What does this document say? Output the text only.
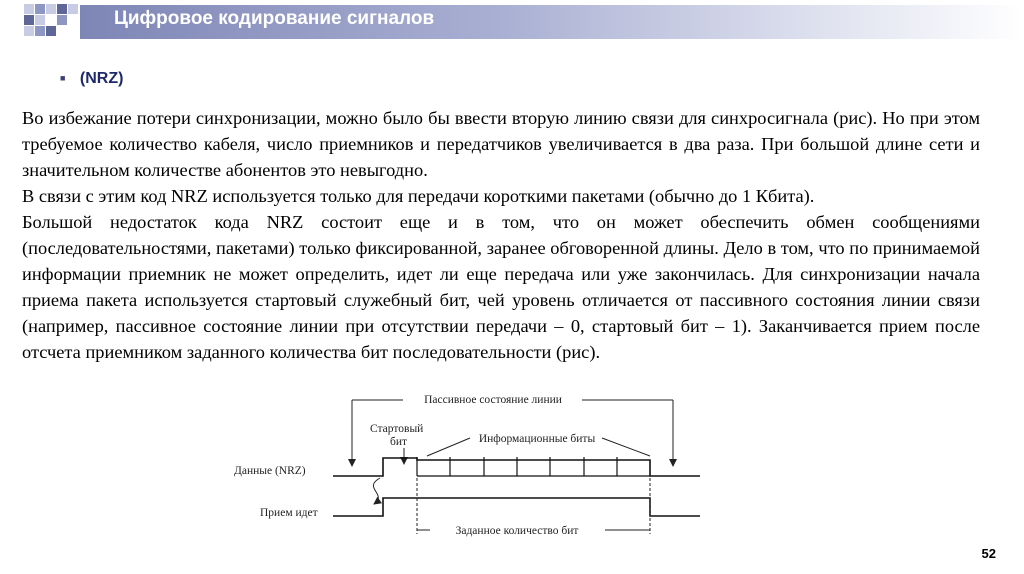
Цифровое кодирование сигналов
■ (NRZ)

Во избежание потери синхронизации, можно было бы ввести вторую линию связи для синхросигнала (рис). Но при этом требуемое количество кабеля, число приемников и передатчиков увеличивается в два раза. При большой длине сети и значительном количестве абонентов это невыгодно.

В связи с этим код NRZ используется только для передачи короткими пакетами (обычно до 1 Кбита).

Большой недостаток кода NRZ состоит еще и в том, что он может обеспечить обмен сообщениями (последовательностями, пакетами) только фиксированной, заранее обговоренной длины. Дело в том, что по принимаемой информации приемник не может определить, идет ли еще передача или уже закончилась. Для синхронизации начала приема пакета используется стартовый служебный бит, чей уровень отличается от пассивного состояния линии связи (например, пассивное состояние линии при отсутствии передачи – 0, стартовый бит – 1). Заканчивается прием после отсчета приемником заданного количества бит последовательности (рис).

Пассивное состояние линии
Стартовый
бит	Информационные биты
Данные (NRZ)
Прием идет
Заданное количество бит
52
